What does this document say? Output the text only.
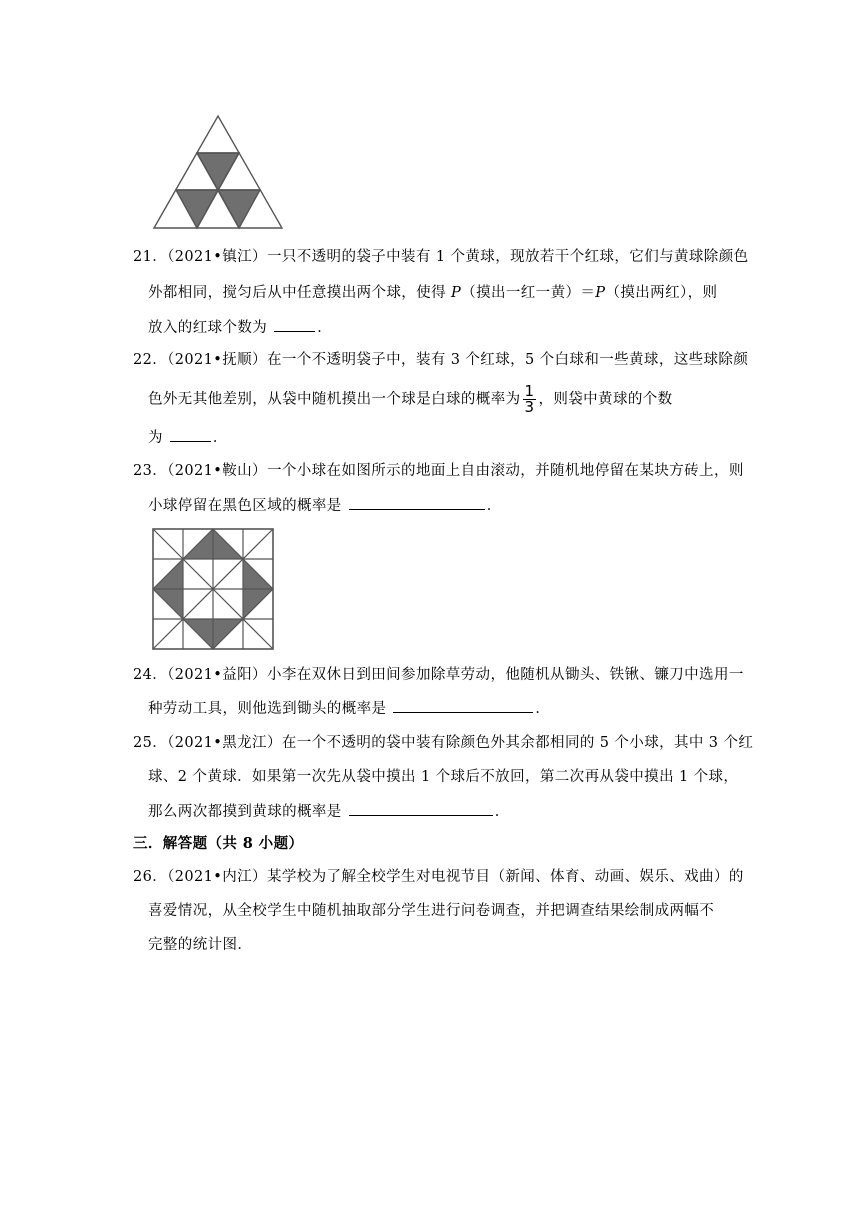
21．（2021•镇江）一只不透明的袋子中装有 1 个黄球，现放若干个红球，它们与黄球除颜色
外都相同，搅匀后从中任意摸出两个球，使得 P（摸出一红一黄）＝P（摸出两红），则
放入的红球个数为	．
22．（2021•抚顺）在一个不透明袋子中，装有 3 个红球，5 个白球和一些黄球，这些球除颜
色外无其他差别，从袋中随机摸出一个球是白球的概率为 $\frac{1}{3}$ ，则袋中黄球的个数
为	．
23．（2021•鞍山）一个小球在如图所示的地面上自由滚动，并随机地停留在某块方砖上，则
小球停留在黑色区域的概率是	．
24．（2021•益阳）小李在双休日到田间参加除草劳动，他随机从锄头、铁锹、镰刀中选用一
种劳动工具，则他选到锄头的概率是	．
25．（2021•黑龙江）在一个不透明的袋中装有除颜色外其余都相同的 5 个小球，其中 3 个红
球、2 个黄球．如果第一次先从袋中摸出 1 个球后不放回，第二次再从袋中摸出 1 个球，
那么两次都摸到黄球的概率是	．
三．解答题（共 8 小题）
26．（2021•内江）某学校为了解全校学生对电视节目（新闻、体育、动画、娱乐、戏曲）的
喜爱情况，从全校学生中随机抽取部分学生进行问卷调查，并把调查结果绘制成两幅不
完整的统计图．
